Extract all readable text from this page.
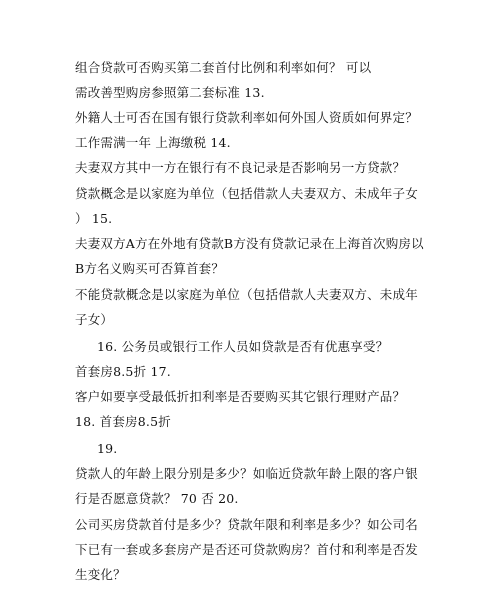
组合贷款可否购买第二套首付比例和利率如何？ 可以
需改善型购房参照第二套标准 13.
外籍人士可否在国有银行贷款利率如何外国人资质如何界定？
工作需满一年 上海缴税 14.
夫妻双方其中一方在银行有不良记录是否影响另一方贷款？
贷款概念是以家庭为单位（包括借款人夫妻双方、未成年子女
） 15.
夫妻双方A方在外地有贷款B方没有贷款记录在上海首次购房以
B方名义购买可否算首套？
不能贷款概念是以家庭为单位（包括借款人夫妻双方、未成年
子女）
16. 公务员或银行工作人员如贷款是否有优惠享受？
首套房8.5折 17.
客户如要享受最低折扣利率是否要购买其它银行理财产品？
18. 首套房8.5折
19.
贷款人的年龄上限分别是多少？如临近贷款年龄上限的客户银
行是否愿意贷款？ 70 否 20.
公司买房贷款首付是多少？贷款年限和利率是多少？如公司名
下已有一套或多套房产是否还可贷款购房？首付和利率是否发
生变化？
